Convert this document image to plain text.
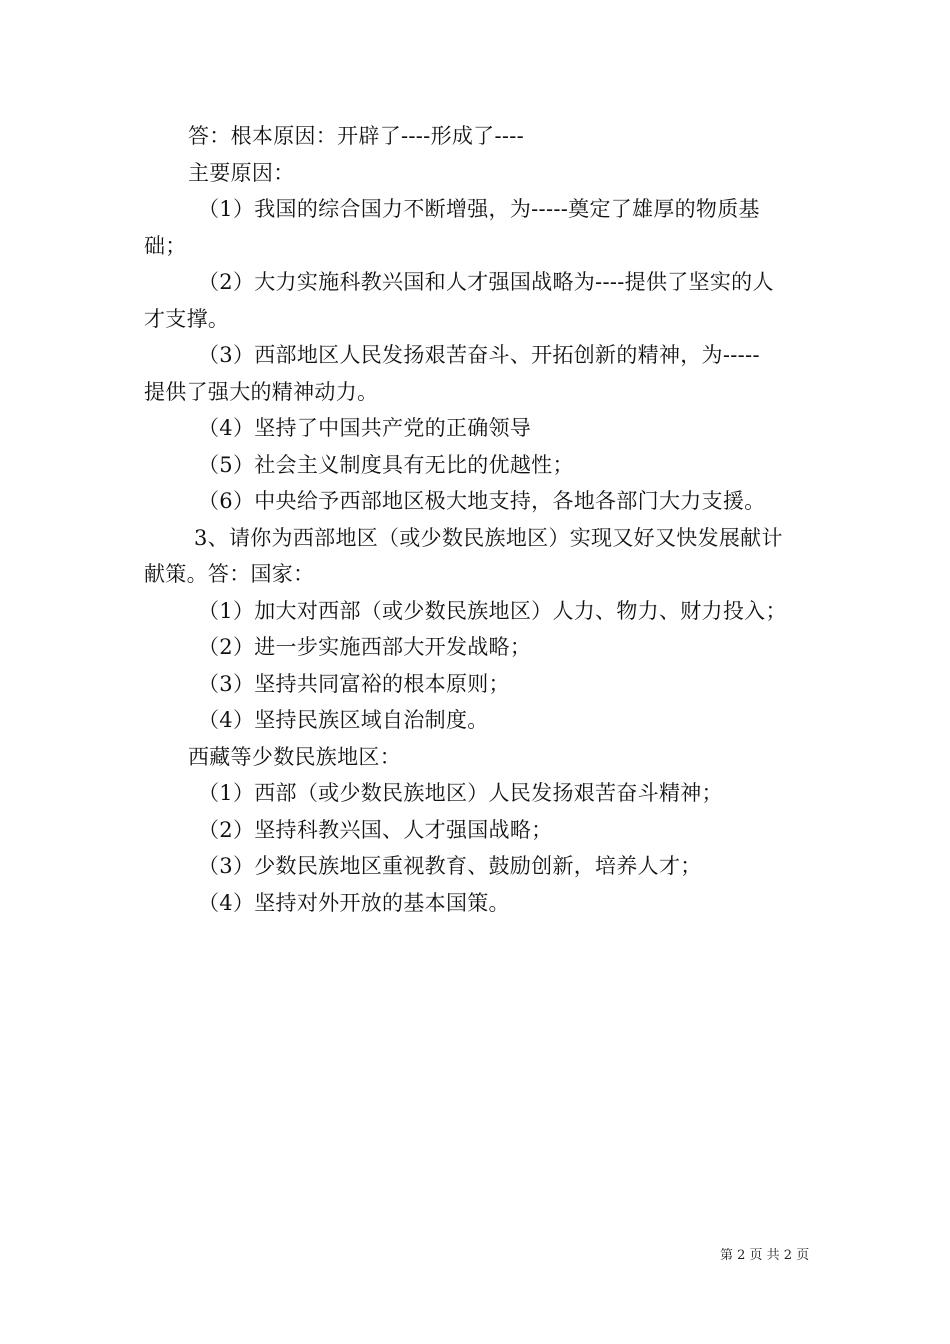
答：根本原因：开辟了----形成了----
主要原因：
（1）我国的综合国力不断增强，为-----奠定了雄厚的物质基
础；
（2）大力实施科教兴国和人才强国战略为----提供了坚实的人
才支撑。
（3）西部地区人民发扬艰苦奋斗、开拓创新的精神，为-----
提供了强大的精神动力。
（4）坚持了中国共产党的正确领导
（5）社会主义制度具有无比的优越性；
（6）中央给予西部地区极大地支持，各地各部门大力支援。
3、请你为西部地区（或少数民族地区）实现又好又快发展献计
献策。答：国家：
（1）加大对西部（或少数民族地区）人力、物力、财力投入；
（2）进一步实施西部大开发战略；
（3）坚持共同富裕的根本原则；
（4）坚持民族区域自治制度。
西藏等少数民族地区：
（1）西部（或少数民族地区）人民发扬艰苦奋斗精神；
（2）坚持科教兴国、人才强国战略；
（3）少数民族地区重视教育、鼓励创新，培养人才；
（4）坚持对外开放的基本国策。
第 2 页 共 2 页
